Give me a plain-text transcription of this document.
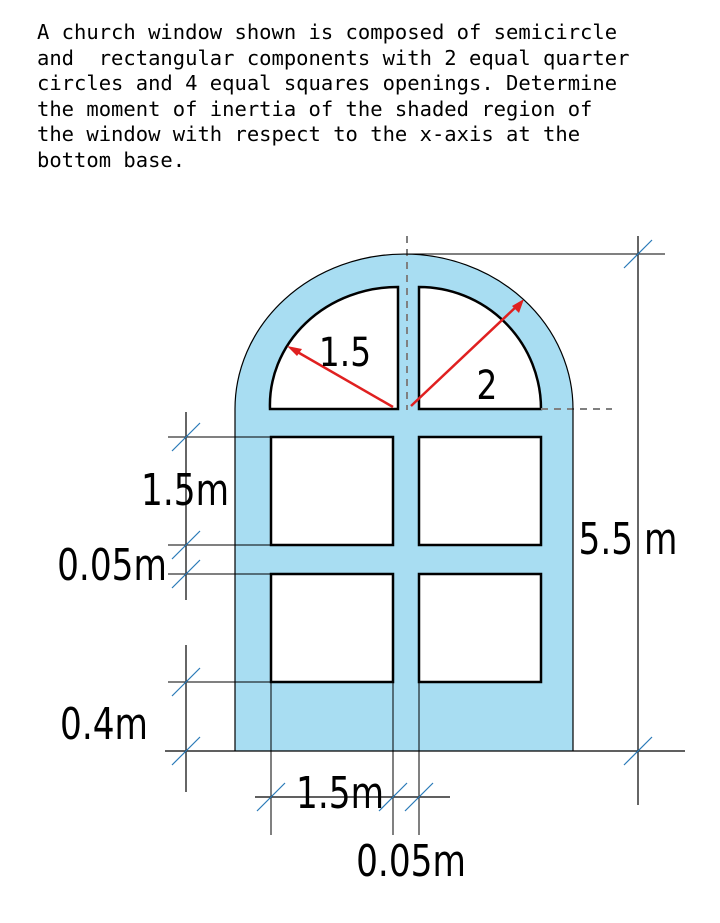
A church window shown is composed of semicircle
and  rectangular components with 2 equal quarter
circles and 4 equal squares openings. Determine
the moment of inertia of the shaded region of
the window with respect to the x-axis at the
bottom base.
1.5
2
1.5m
0.05m
0.4m
5.5 m
1.5m
0.05m
